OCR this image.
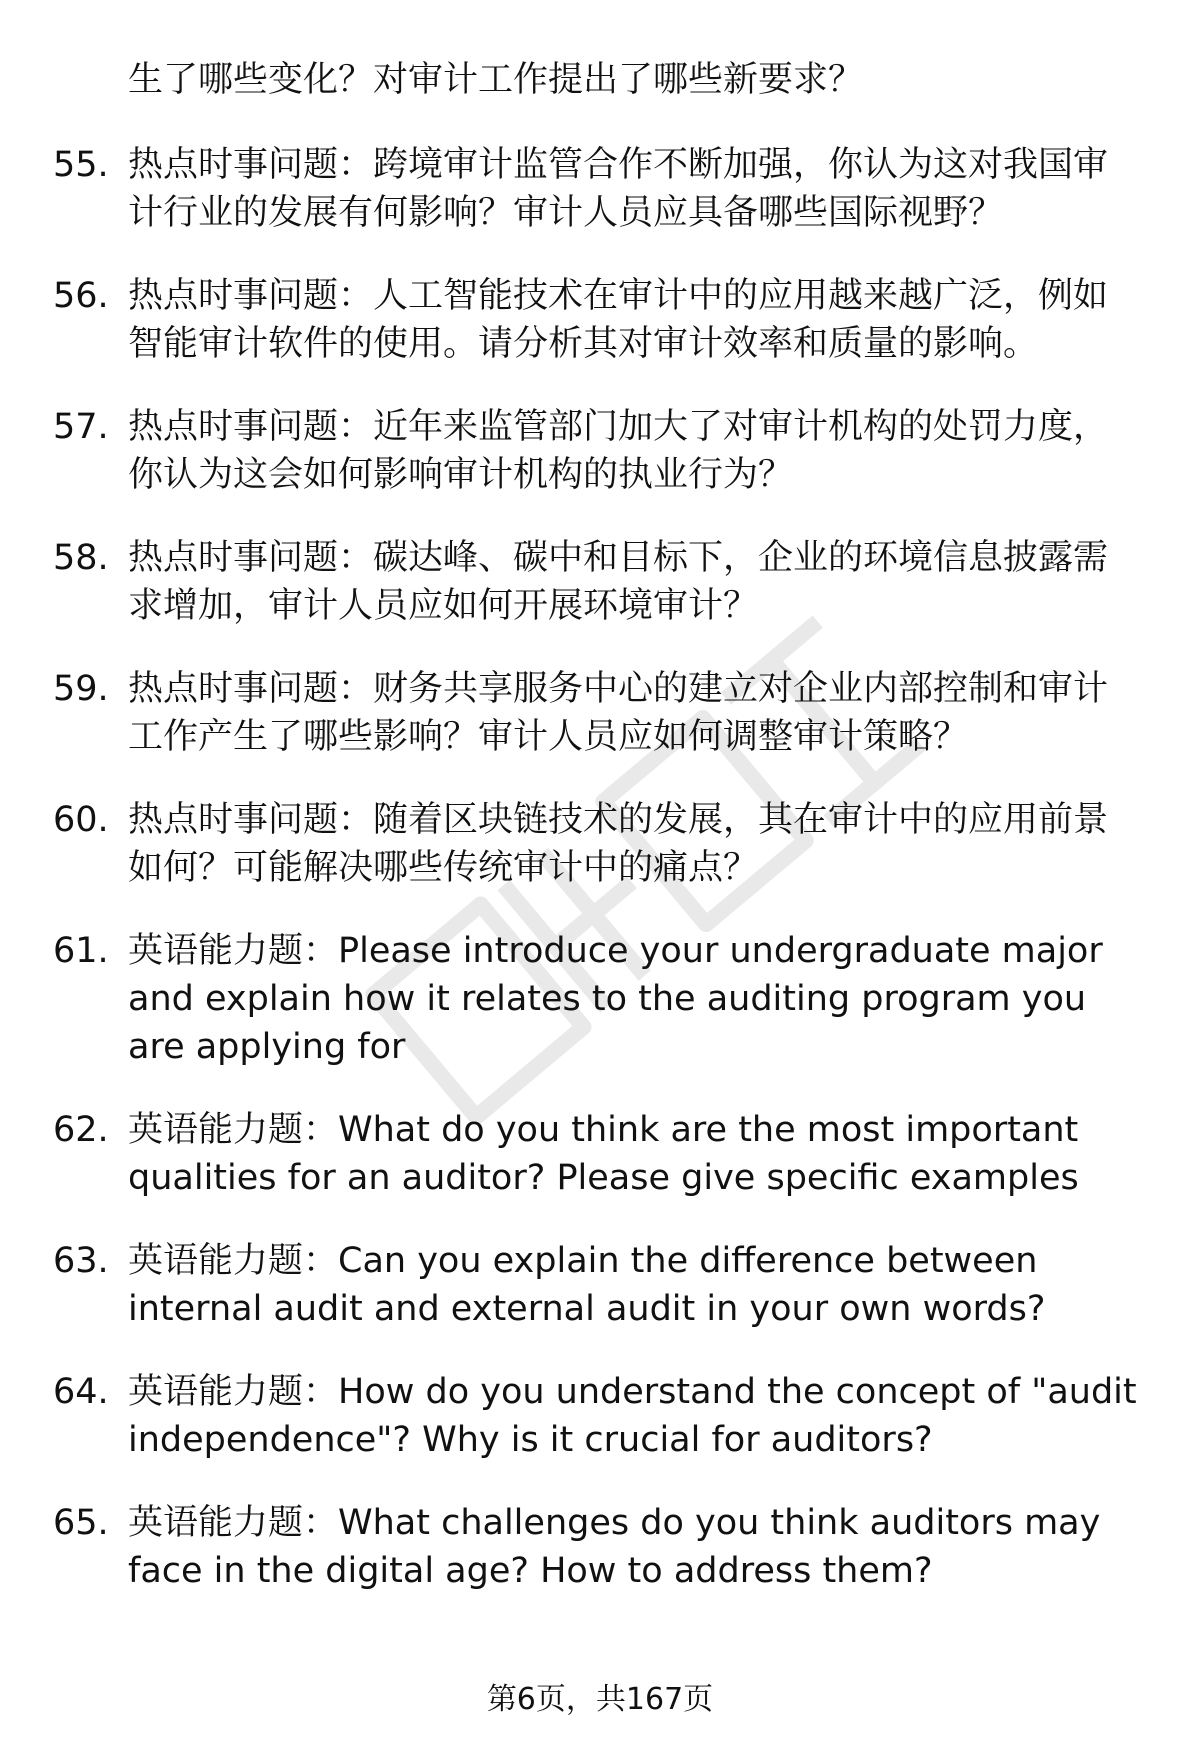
生了哪些变化？对审计工作提出了哪些新要求？

55. 热点时事问题：跨境审计监管合作不断加强，你认为这对我国审计行业的发展有何影响？审计人员应具备哪些国际视野？
56. 热点时事问题：人工智能技术在审计中的应用越来越广泛，例如智能审计软件的使用。请分析其对审计效率和质量的影响。
57. 热点时事问题：近年来监管部门加大了对审计机构的处罚力度，你认为这会如何影响审计机构的执业行为？
58. 热点时事问题：碳达峰、碳中和目标下，企业的环境信息披露需求增加，审计人员应如何开展环境审计？
59. 热点时事问题：财务共享服务中心的建立对企业内部控制和审计工作产生了哪些影响？审计人员应如何调整审计策略？
60. 热点时事问题：随着区块链技术的发展，其在审计中的应用前景如何？可能解决哪些传统审计中的痛点？
61. 英语能力题：Please introduce your undergraduate major and explain how it relates to the auditing program you are applying for
62. 英语能力题：What do you think are the most important qualities for an auditor? Please give specific examples
63. 英语能力题：Can you explain the difference between internal audit and external audit in your own words?
64. 英语能力题：How do you understand the concept of "audit independence"? Why is it crucial for auditors?
65. 英语能力题：What challenges do you think auditors may face in the digital age? How to address them?
第6页，共167页
